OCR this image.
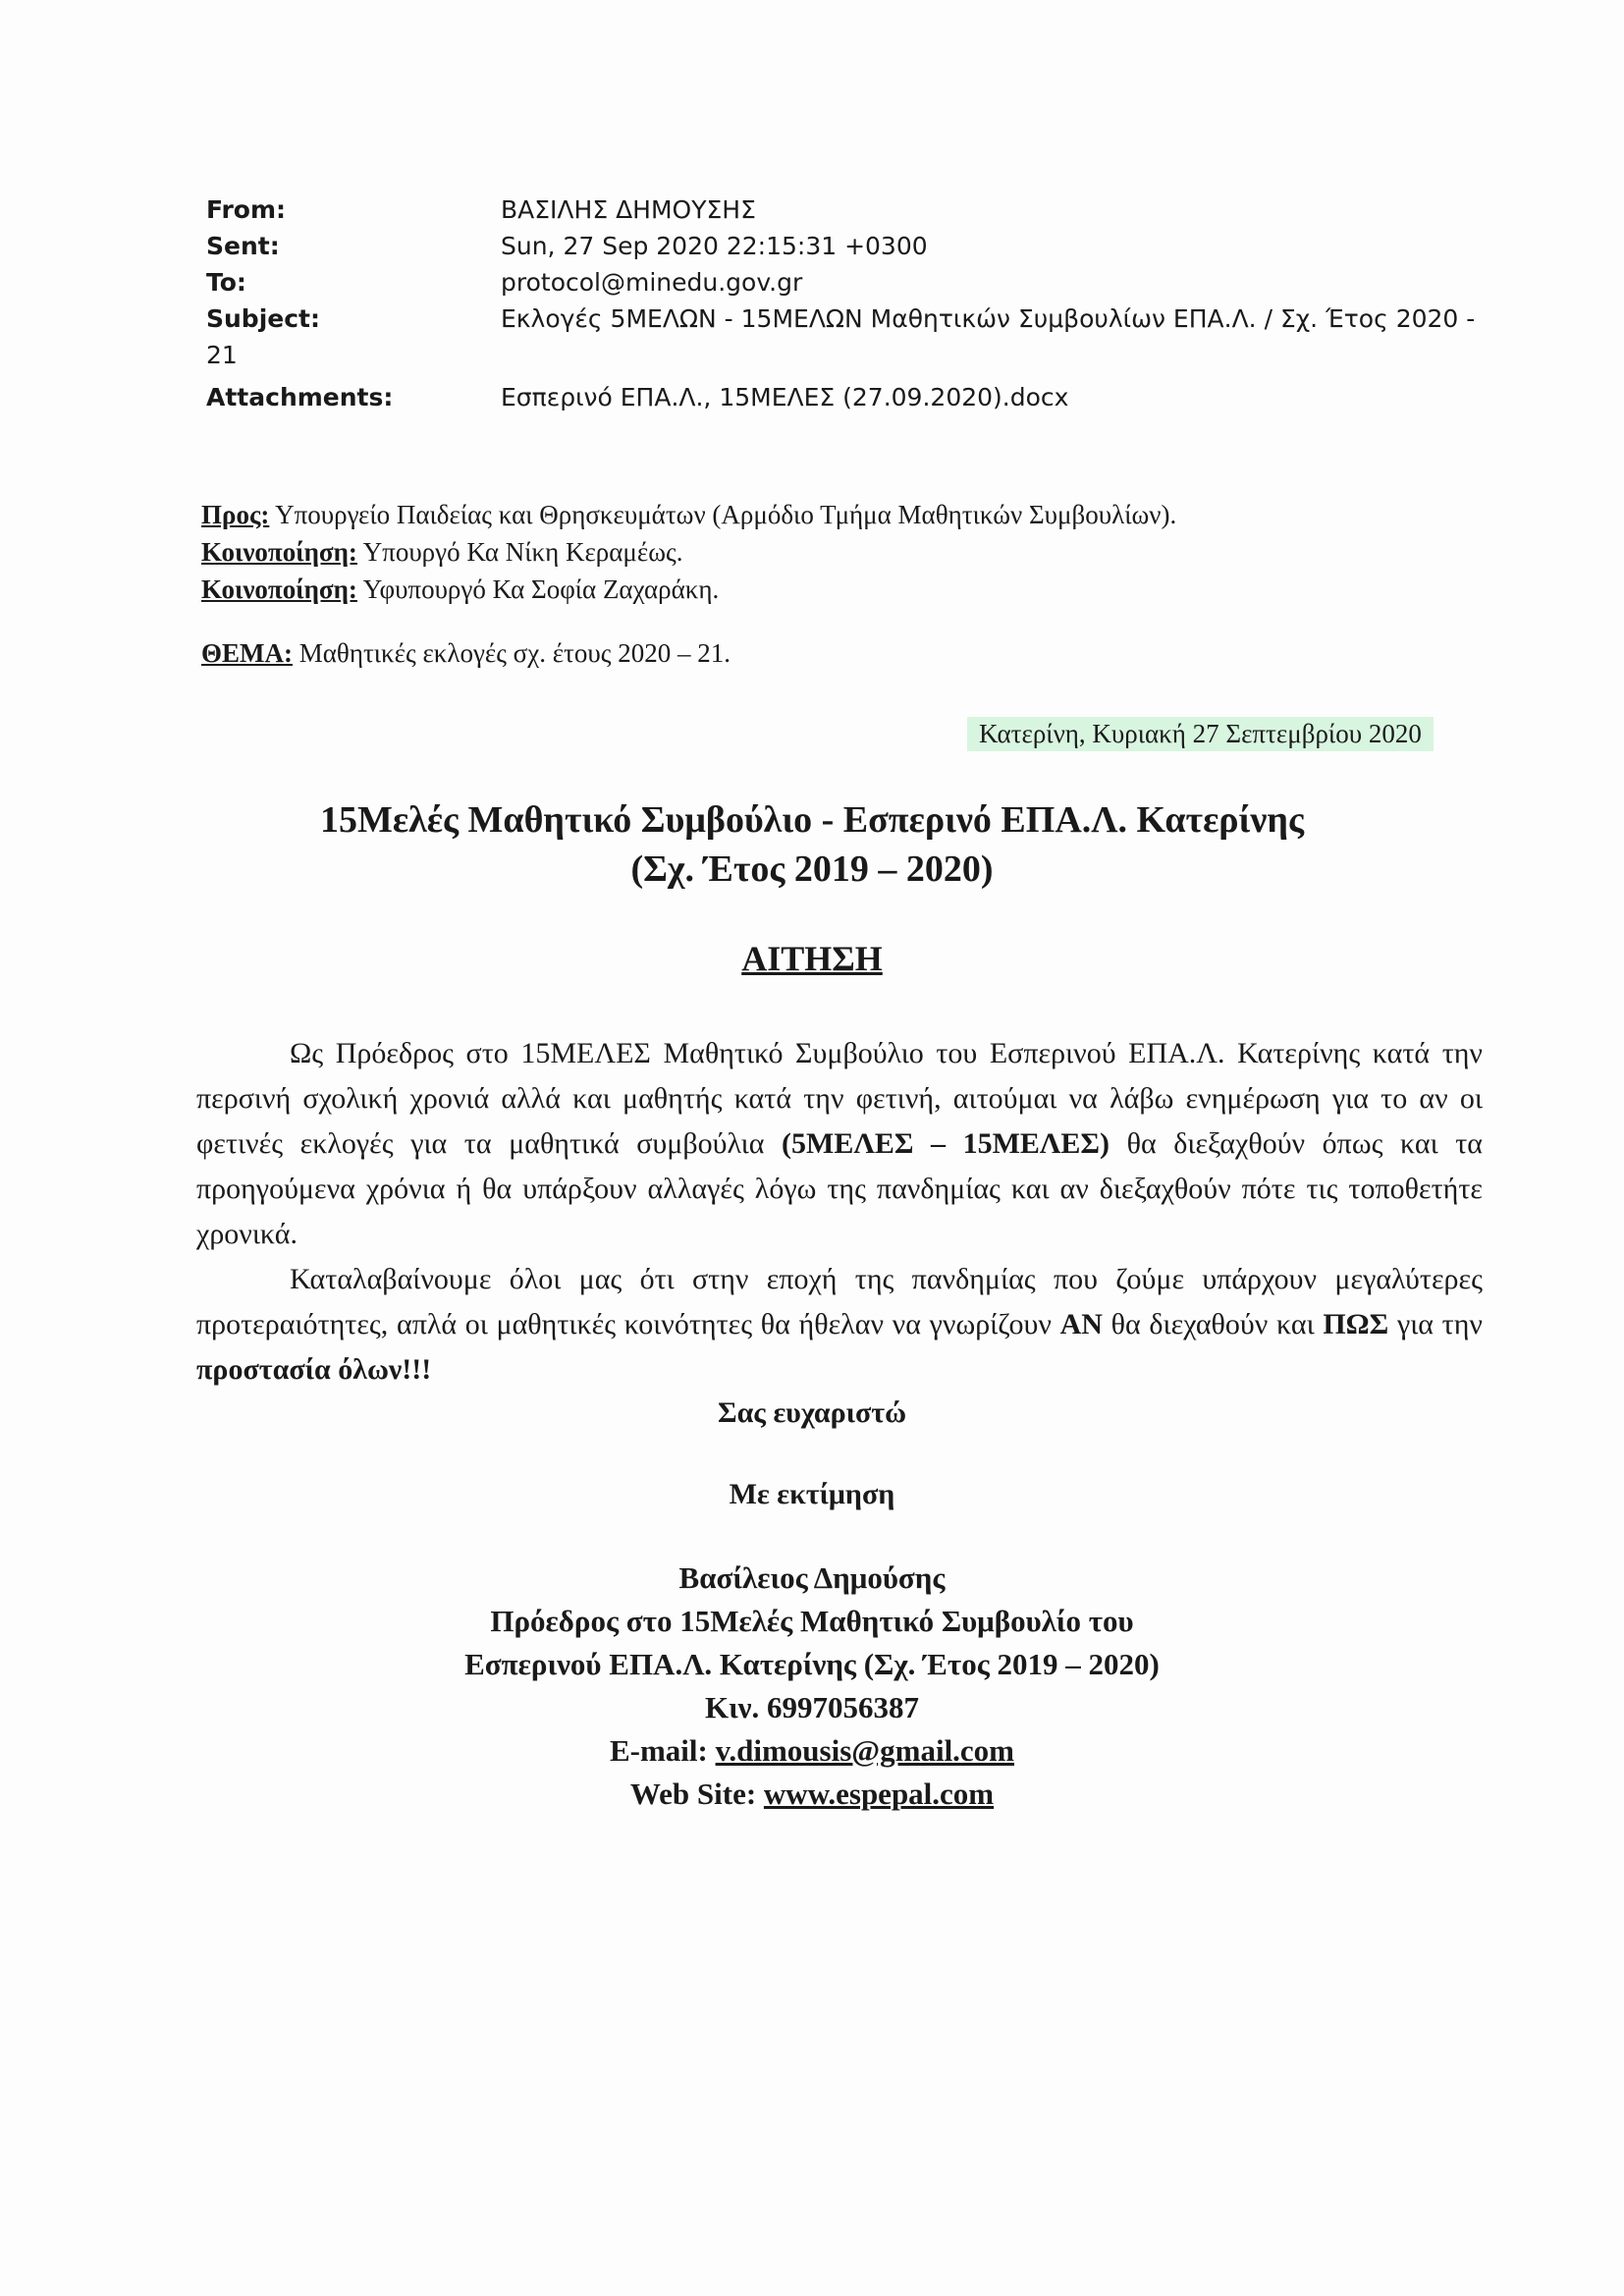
From:	ΒΑΣΙΛΗΣ ΔΗΜΟΥΣΗΣ
Sent:	Sun, 27 Sep 2020 22:15:31 +0300
To:	protocol@minedu.gov.gr
Subject:	Εκλογές 5ΜΕΛΩΝ - 15ΜΕΛΩΝ Μαθητικών Συμβουλίων ΕΠΑ.Λ. / Σχ. Έτος 2020 -
21
Attachments:	Εσπερινό ΕΠΑ.Λ., 15ΜΕΛΕΣ (27.09.2020).docx
Προς: Υπουργείο Παιδείας και Θρησκευμάτων (Αρμόδιο Τμήμα Μαθητικών Συμβουλίων).
Κοινοποίηση: Υπουργό Κα Νίκη Κεραμέως.
Κοινοποίηση: Υφυπουργό Κα Σοφία Ζαχαράκη.
ΘΕΜΑ: Μαθητικές εκλογές σχ. έτους 2020 – 21.
Κατερίνη, Κυριακή 27 Σεπτεμβρίου 2020
15Μελές Μαθητικό Συμβούλιο - Εσπερινό ΕΠΑ.Λ. Κατερίνης
(Σχ. Έτος 2019 – 2020)
ΑΙΤΗΣΗ

Ως Πρόεδρος στο 15ΜΕΛΕΣ Μαθητικό Συμβούλιο του Εσπερινού ΕΠΑ.Λ. Κατερίνης κατά την περσινή σχολική χρονιά αλλά και μαθητής κατά την φετινή, αιτούμαι να λάβω ενημέρωση για το αν οι φετινές εκλογές για τα μαθητικά συμβούλια (5ΜΕΛΕΣ – 15ΜΕΛΕΣ) θα διεξαχθούν όπως και τα προηγούμενα χρόνια ή θα υπάρξουν αλλαγές λόγω της πανδημίας και αν διεξαχθούν πότε τις τοποθετήτε χρονικά.

Καταλαβαίνουμε όλοι μας ότι στην εποχή της πανδημίας που ζούμε υπάρχουν μεγαλύτερες προτεραιότητες, απλά οι μαθητικές κοινότητες θα ήθελαν να γνωρίζουν ΑΝ θα διεχαθούν και ΠΩΣ για την προστασία όλων!!!

Σας ευχαριστώ
Με εκτίμηση
Βασίλειος Δημούσης
Πρόεδρος στο 15Μελές Μαθητικό Συμβουλίο του
Εσπερινού ΕΠΑ.Λ. Κατερίνης (Σχ. Έτος 2019 – 2020)
Κιν. 6997056387
E-mail: v.dimousis@gmail.com
Web Site: www.espepal.com
